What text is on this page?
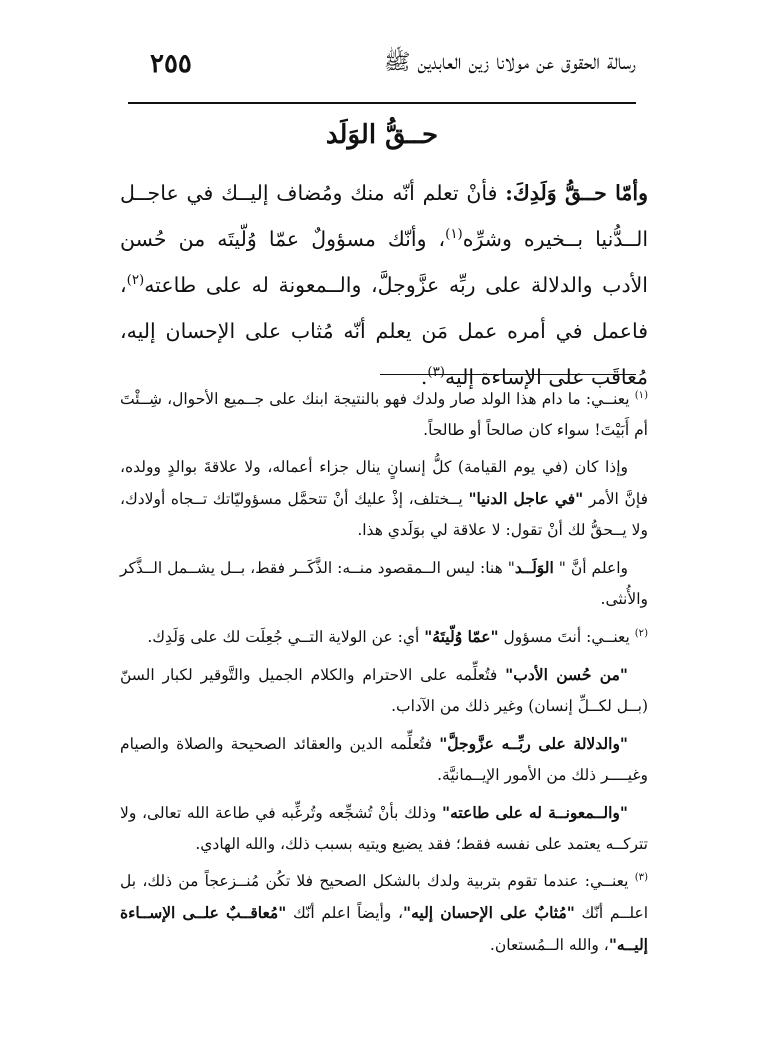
رسالة الحقوق عن مولانا زين العابدين ﷺ
٢٥٥
حــقُّ الوَلَد
وأمّا حــقُّ وَلَدِكَ: فأنْ تعلم أنّه منك ومُضاف إليــك في عاجــل الــدُّنيا بــخيره وشرِّه$^{(١)}$، وأنّك مسؤولٌ عمّا وُلّيتَه من حُسن الأدب والدلالة على ربِّه عزَّوجلَّ، والــمعونة له على طاعته$^{(٢)}$، فاعمل في أمره عمل مَن يعلم أنّه مُثاب على الإحسان إليه، مُعاقَب على الإساءة إليه$^{(٣)}$.

$^{(١)}$ يعنــي: ما دام هذا الولد صار ولدك فهو بالنتيجة ابنك على جــميع الأحوال، شِــئْتَ أم أَبَيْتَ! سواء كان صالحاً أو طالحاً.

وإذا كان (في يوم القيامة) كلُّ إنسانٍ ينال جزاء أعماله، ولا علاقةَ بوالدٍ وولده، فإنَّ الأمر "في عاجل الدنيا" يــختلف، إذْ عليك أنْ تتحمَّل مسؤوليّاتك تــجاه أولادك، ولا يــحقُّ لك أنْ تقول: لا علاقة لي بوَلَدي هذا.

واعلم أنَّ " الوَلَــد" هنا: ليس الــمقصود منــه: الذَّكَــر فقط، بــل يشــمل الــذَّكر والأُنثى.

$^{(٢)}$ يعنــي: أنتَ مسؤول "عمّا وُلّيتَهُ" أي: عن الولاية التــي جُعِلَت لك على وَلَدِك.

"من حُسن الأدب" فتُعلِّمه على الاحترام والكلام الجميل والتَّوقير لكبار السنّ (بــل لكــلِّ إنسان) وغير ذلك من الآداب.

"والدلالة على ربِّــه عزَّوجلَّ" فتُعلِّمه الدين والعقائد الصحيحة والصلاة والصيام وغيــــر ذلك من الأمور الإيــمانيَّة.

"والــمعونــة له على طاعته" وذلك بأنْ تُشجِّعه وتُرغِّبه في طاعة الله تعالى، ولا تتركــه يعتمد على نفسه فقط؛ فقد يضيع ويتيه بسبب ذلك، والله الهادي.

$^{(٣)}$ يعنــي: عندما تقوم بتربية ولدك بالشكل الصحيح فلا تكُن مُنــزعجاً من ذلك، بل اعلــم أنّك "مُثابٌ على الإحسان إليه"، وأيضاً اعلم أنّك "مُعاقــبٌ علــى الإســاءة إليــه"، والله الــمُستعان.
